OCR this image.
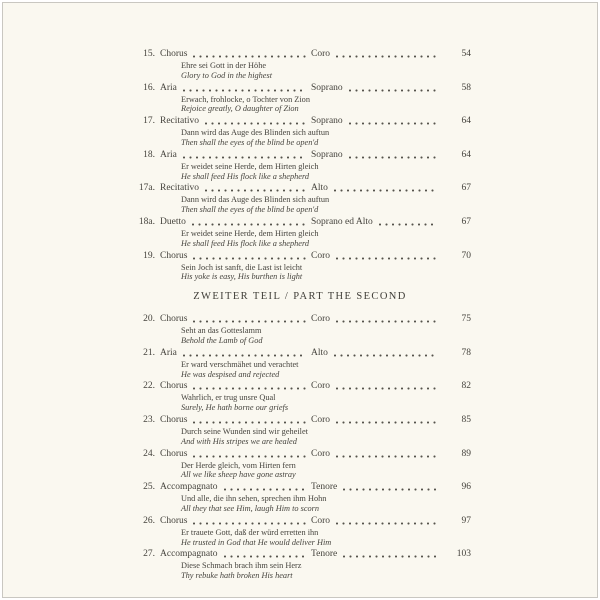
15. Chorus	Coro	54
Ehre sei Gott in der Höhe
Glory to God in the highest
16. Aria	Soprano	58
Erwach, frohlocke, o Tochter von Zion
Rejoice greatly, O daughter of Zion
17. Recitativo	Soprano	64
Dann wird das Auge des Blinden sich auftun
Then shall the eyes of the blind be open'd
18. Aria	Soprano	64
Er weidet seine Herde, dem Hirten gleich
He shall feed His flock like a shepherd
17a. Recitativo	Alto	67
Dann wird das Auge des Blinden sich auftun
Then shall the eyes of the blind be open'd
18a. Duetto	Soprano ed Alto	67
Er weidet seine Herde, dem Hirten gleich
He shall feed His flock like a shepherd
19. Chorus	Coro	70
Sein Joch ist sanft, die Last ist leicht
His yoke is easy, His burthen is light
ZWEITER TEIL / PART THE SECOND
20. Chorus	Coro	75
Seht an das Gotteslamm
Behold the Lamb of God
21. Aria	Alto	78
Er ward verschmähet und verachtet
He was despised and rejected
22. Chorus	Coro	82
Wahrlich, er trug unsre Qual
Surely, He hath borne our griefs
23. Chorus	Coro	85
Durch seine Wunden sind wir geheilet
And with His stripes we are healed
24. Chorus	Coro	89
Der Herde gleich, vom Hirten fern
All we like sheep have gone astray
25. Accompagnato	Tenore	96
Und alle, die ihn sehen, sprechen ihm Hohn
All they that see Him, laugh Him to scorn
26. Chorus	Coro	97
Er trauete Gott, daß der würd erretten ihn
He trusted in God that He would deliver Him
27. Accompagnato	Tenore	103
Diese Schmach brach ihm sein Herz
Thy rebuke hath broken His heart
